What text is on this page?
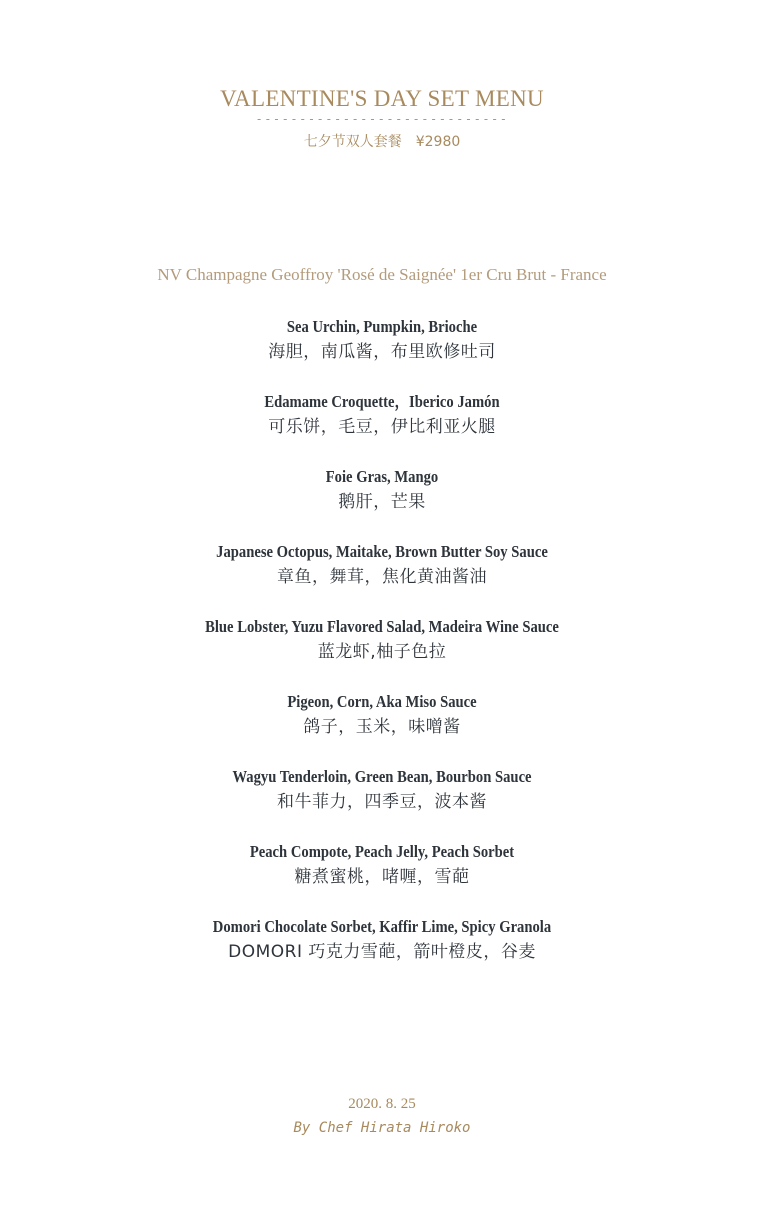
VALENTINE'S DAY SET MENU
-----------------------------
七夕节双人套餐 ¥2980
NV Champagne Geoffroy 'Rosé de Saignée' 1er Cru Brut - France
Sea Urchin, Pumpkin, Brioche
海胆，南瓜酱，布里欧修吐司
Edamame Croquette，Iberico Jamón
可乐饼，毛豆，伊比利亚火腿
Foie Gras, Mango
鹅肝，芒果
Japanese Octopus, Maitake, Brown Butter Soy Sauce
章鱼，舞茸，焦化黄油酱油
Blue Lobster, Yuzu Flavored Salad, Madeira Wine Sauce
蓝龙虾,柚子色拉
Pigeon, Corn, Aka Miso Sauce
鸽子，玉米，味噌酱
Wagyu Tenderloin, Green Bean, Bourbon Sauce
和牛菲力，四季豆，波本酱
Peach Compote, Peach Jelly, Peach Sorbet
糖煮蜜桃，啫喱，雪葩
Domori Chocolate Sorbet, Kaffir Lime, Spicy Granola
DOMORI 巧克力雪葩，箭叶橙皮，谷麦
2020. 8. 25
By Chef Hirata Hiroko
